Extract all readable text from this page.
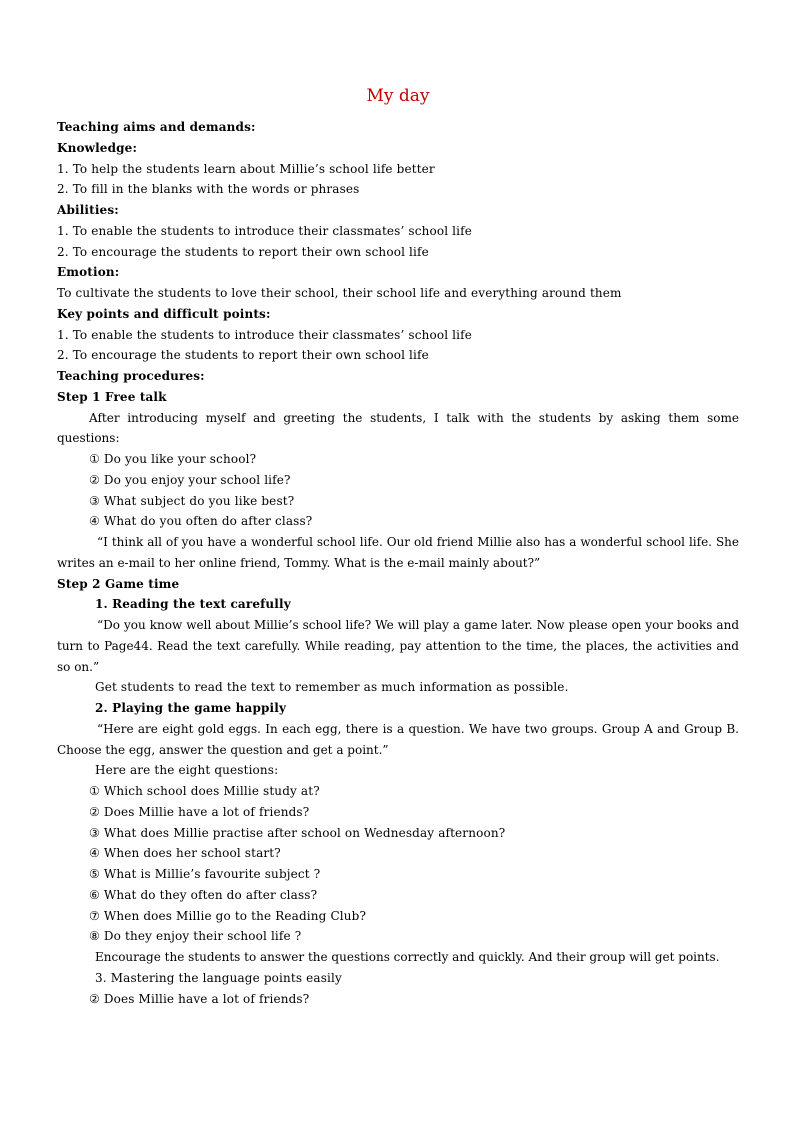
My day
Teaching aims and demands:
Knowledge:
1. To help the students learn about Millie’s school life better
2. To fill in the blanks with the words or phrases
Abilities:
1. To enable the students to introduce their classmates’ school life
2. To encourage the students to report their own school life
Emotion:
To cultivate the students to love their school, their school life and everything around them
Key points and difficult points:
1. To enable the students to introduce their classmates’ school life
2. To encourage the students to report their own school life
Teaching procedures:
Step 1 Free talk
After introducing myself and greeting the students, I talk with the students by asking them some questions:
① Do you like your school?
② Do you enjoy your school life?
③ What subject do you like best?
④ What do you often do after class?
“I think all of you have a wonderful school life. Our old friend Millie also has a wonderful school life. She writes an e-mail to her online friend, Tommy. What is the e-mail mainly about?”
Step 2 Game time
1. Reading the text carefully
“Do you know well about Millie’s school life? We will play a game later. Now please open your books and turn to Page44. Read the text carefully. While reading, pay attention to the time, the places, the activities and so on.”
Get students to read the text to remember as much information as possible.
2. Playing the game happily
“Here are eight gold eggs. In each egg, there is a question. We have two groups. Group A and Group B. Choose the egg, answer the question and get a point.”
Here are the eight questions:
① Which school does Millie study at?
② Does Millie have a lot of friends?
③ What does Millie practise after school on Wednesday afternoon?
④ When does her school start?
⑤ What is Millie’s favourite subject ?
⑥ What do they often do after class?
⑦ When does Millie go to the Reading Club?
⑧ Do they enjoy their school life ?
Encourage the students to answer the questions correctly and quickly. And their group will get points.
3. Mastering the language points easily
② Does Millie have a lot of friends?
